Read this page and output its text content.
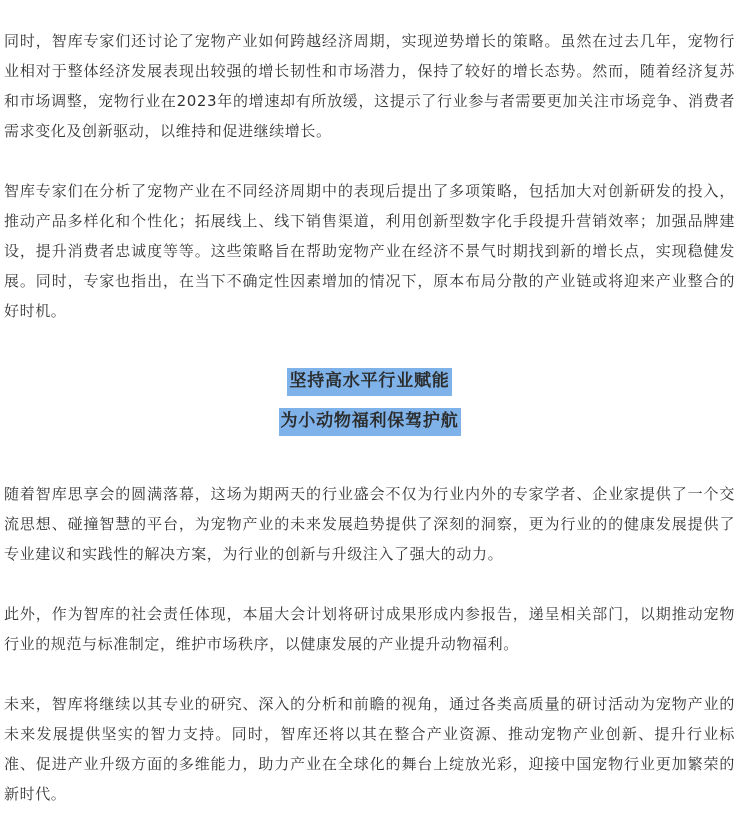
同时，智库专家们还讨论了宠物产业如何跨越经济周期，实现逆势增长的策略。虽然在过去几年，宠物行业相对于整体经济发展表现出较强的增长韧性和市场潜力，保持了较好的增长态势。然而，随着经济复苏和市场调整，宠物行业在2023年的增速却有所放缓，这提示了行业参与者需要更加关注市场竞争、消费者需求变化及创新驱动，以维持和促进继续增长。

智库专家们在分析了宠物产业在不同经济周期中的表现后提出了多项策略，包括加大对创新研发的投入，推动产品多样化和个性化；拓展线上、线下销售渠道，利用创新型数字化手段提升营销效率；加强品牌建设，提升消费者忠诚度等等。这些策略旨在帮助宠物产业在经济不景气时期找到新的增长点，实现稳健发展。同时，专家也指出，在当下不确定性因素增加的情况下，原本布局分散的产业链或将迎来产业整合的好时机。

坚持高水平行业赋能

为小动物福利保驾护航

随着智库思享会的圆满落幕，这场为期两天的行业盛会不仅为行业内外的专家学者、企业家提供了一个交流思想、碰撞智慧的平台，为宠物产业的未来发展趋势提供了深刻的洞察，更为行业的的健康发展提供了专业建议和实践性的解决方案，为行业的创新与升级注入了强大的动力。

此外，作为智库的社会责任体现，本届大会计划将研讨成果形成内参报告，递呈相关部门，以期推动宠物行业的规范与标准制定，维护市场秩序，以健康发展的产业提升动物福利。

未来，智库将继续以其专业的研究、深入的分析和前瞻的视角，通过各类高质量的研讨活动为宠物产业的未来发展提供坚实的智力支持。同时，智库还将以其在整合产业资源、推动宠物产业创新、提升行业标准、促进产业升级方面的多维能力，助力产业在全球化的舞台上绽放光彩，迎接中国宠物行业更加繁荣的新时代。
